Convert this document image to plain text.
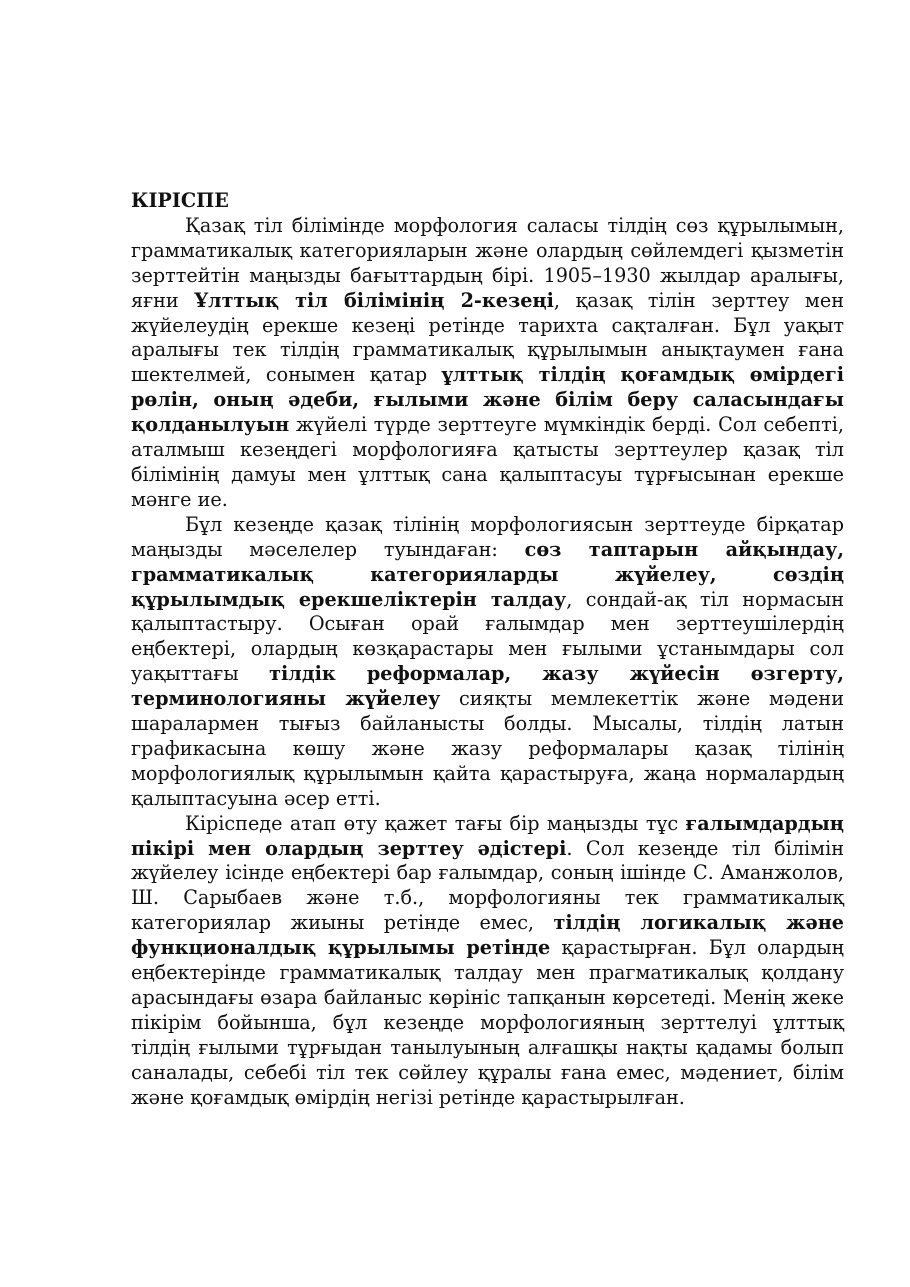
КІРІСПЕ

Қазақ тіл білімінде морфология саласы тілдің сөз құрылымын, грамматикалық категорияларын және олардың сөйлемдегі қызметін зерттейтін маңызды бағыттардың бірі. 1905–1930 жылдар аралығы, яғни Ұлттық тіл білімінің 2-кезеңі, қазақ тілін зерттеу мен жүйелеудің ерекше кезеңі ретінде тарихта сақталған. Бұл уақыт аралығы тек тілдің грамматикалық құрылымын анықтаумен ғана шектелмей, сонымен қатар ұлттық тілдің қоғамдық өмірдегі рөлін, оның әдеби, ғылыми және білім беру саласындағы қолданылуын жүйелі түрде зерттеуге мүмкіндік берді. Сол себепті, аталмыш кезеңдегі морфологияға қатысты зерттеулер қазақ тіл білімінің дамуы мен ұлттық сана қалыптасуы тұрғысынан ерекше мәнге ие.

Бұл кезеңде қазақ тілінің морфологиясын зерттеуде бірқатар маңызды мәселелер туындаған: сөз таптарын айқындау, грамматикалық категорияларды жүйелеу, сөздің құрылымдық ерекшеліктерін талдау, сондай-ақ тіл нормасын қалыптастыру. Осыған орай ғалымдар мен зерттеушілердің еңбектері, олардың көзқарастары мен ғылыми ұстанымдары сол уақыттағы тілдік реформалар, жазу жүйесін өзгерту, терминологияны жүйелеу сияқты мемлекеттік және мәдени шаралармен тығыз байланысты болды. Мысалы, тілдің латын графикасына көшу және жазу реформалары қазақ тілінің морфологиялық құрылымын қайта қарастыруға, жаңа нормалардың қалыптасуына әсер етті.

Кіріспеде атап өту қажет тағы бір маңызды тұс ғалымдардың пікірі мен олардың зерттеу әдістері. Сол кезеңде тіл білімін жүйелеу ісінде еңбектері бар ғалымдар, соның ішінде С. Аманжолов, Ш. Сарыбаев және т.б., морфологияны тек грамматикалық категориялар жиыны ретінде емес, тілдің логикалық және функционалдық құрылымы ретінде қарастырған. Бұл олардың еңбектерінде грамматикалық талдау мен прагматикалық қолдану арасындағы өзара байланыс көрініс тапқанын көрсетеді. Менің жеке пікірім бойынша, бұл кезеңде морфологияның зерттелуі ұлттық тілдің ғылыми тұрғыдан танылуының алғашқы нақты қадамы болып саналады, себебі тіл тек сөйлеу құралы ғана емес, мәдениет, білім және қоғамдық өмірдің негізі ретінде қарастырылған.
